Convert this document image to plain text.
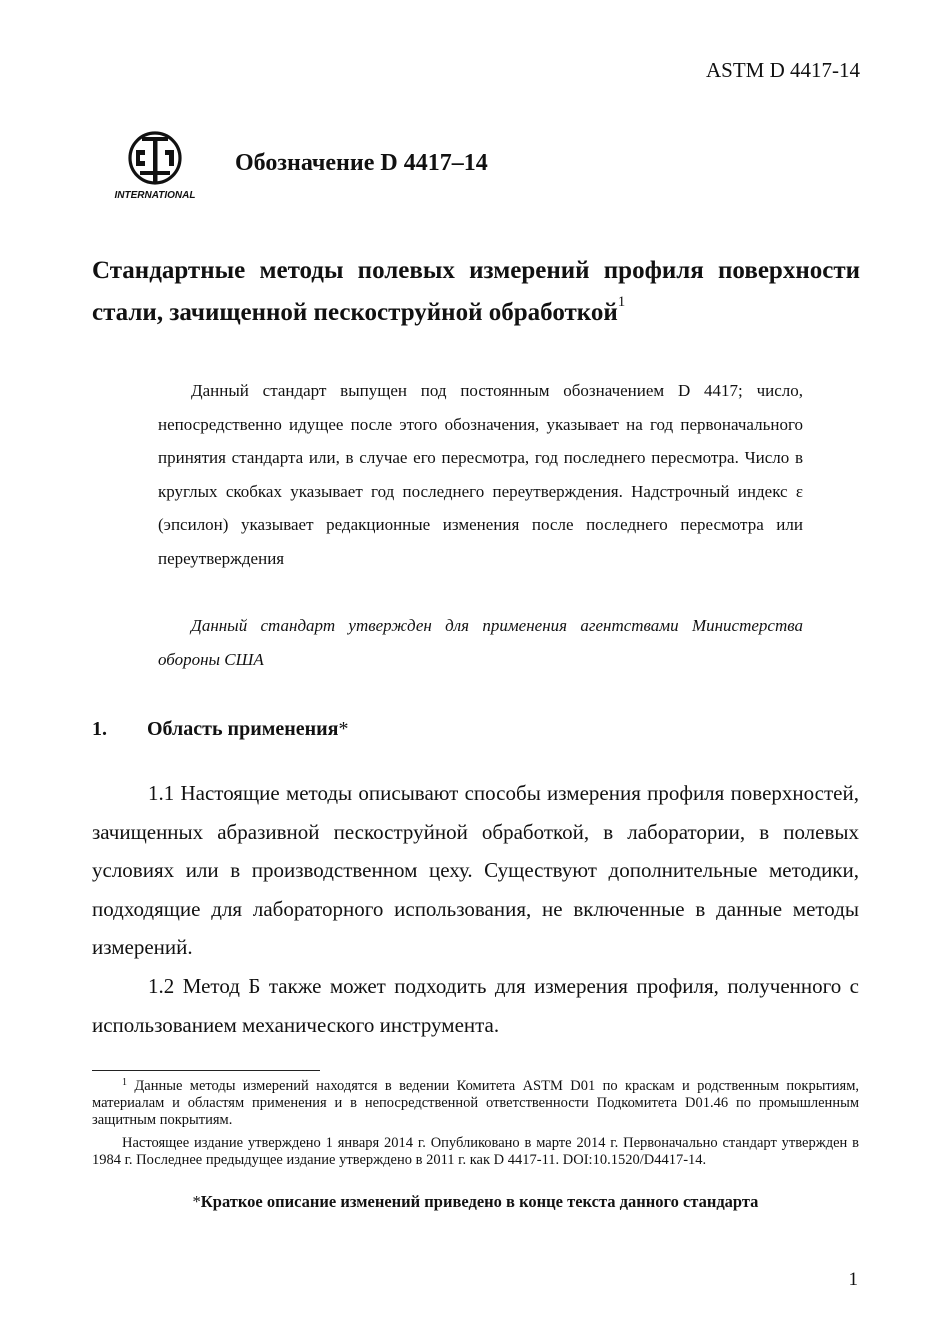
ASTM D 4417-14
INTERNATIONAL
Обозначение D 4417–14
Стандартные методы полевых измерений профиля поверхности стали, зачищенной пескоструйной обработкой$^1$

Данный стандарт выпущен под постоянным обозначением D 4417; число, непосредственно идущее после этого обозначения, указывает на год первоначального принятия стандарта или, в случае его пересмотра, год последнего пересмотра. Число в круглых скобках указывает год последнего переутверждения. Надстрочный индекс ε (эпсилон) указывает редакционные изменения после последнего пересмотра или переутверждения

Данный стандарт утвержден для применения агентствами Министерства обороны США

1. Область применения*

1.1 Настоящие методы описывают способы измерения профиля поверхностей, зачищенных абразивной пескоструйной обработкой, в лаборатории, в полевых условиях или в производственном цеху. Существуют дополнительные методики, подходящие для лабораторного использования, не включенные в данные методы измерений.

1.2 Метод Б также может подходить для измерения профиля, полученного с использованием механического инструмента.

$^1$ Данные методы измерений находятся в ведении Комитета ASTM D01 по краскам и родственным покрытиям, материалам и областям применения и в непосредственной ответственности Подкомитета D01.46 по промышленным защитным покрытиям.

Настоящее издание утверждено 1 января 2014 г. Опубликовано в марте 2014 г. Первоначально стандарт утвержден в 1984 г. Последнее предыдущее издание утверждено в 2011 г. как D 4417-11. DOI:10.1520/D4417-14.

*Краткое описание изменений приведено в конце текста данного стандарта
1
